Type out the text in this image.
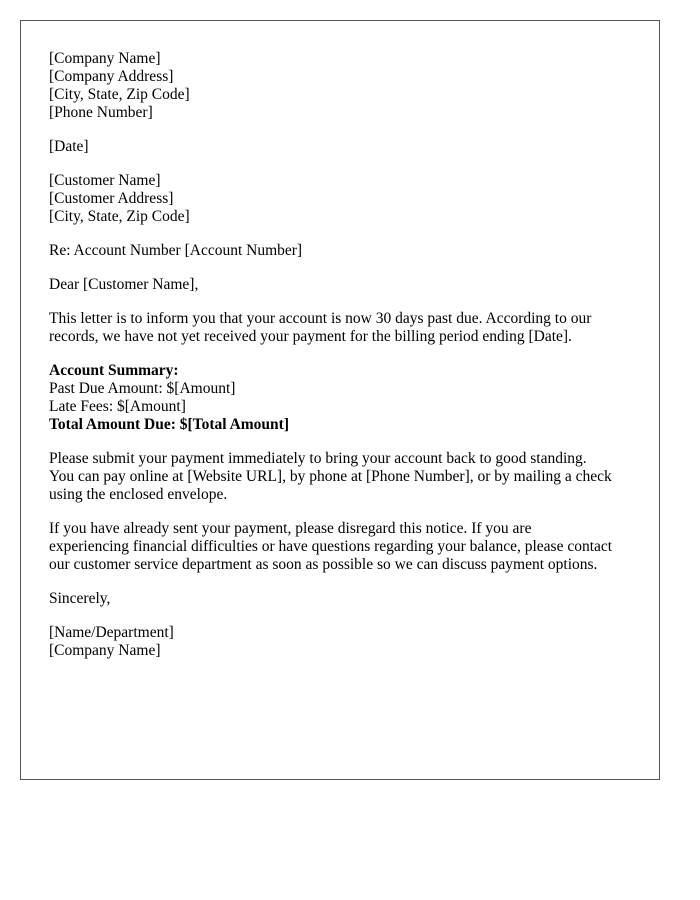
[Company Name]
[Company Address]
[City, State, Zip Code]
[Phone Number]
[Date]
[Customer Name]
[Customer Address]
[City, State, Zip Code]
Re: Account Number [Account Number]
Dear [Customer Name],
This letter is to inform you that your account is now 30 days past due. According to our
records, we have not yet received your payment for the billing period ending [Date].
Account Summary:
Past Due Amount: $[Amount]
Late Fees: $[Amount]
Total Amount Due: $[Total Amount]
Please submit your payment immediately to bring your account back to good standing.
You can pay online at [Website URL], by phone at [Phone Number], or by mailing a check
using the enclosed envelope.
If you have already sent your payment, please disregard this notice. If you are
experiencing financial difficulties or have questions regarding your balance, please contact
our customer service department as soon as possible so we can discuss payment options.
Sincerely,
[Name/Department]
[Company Name]
